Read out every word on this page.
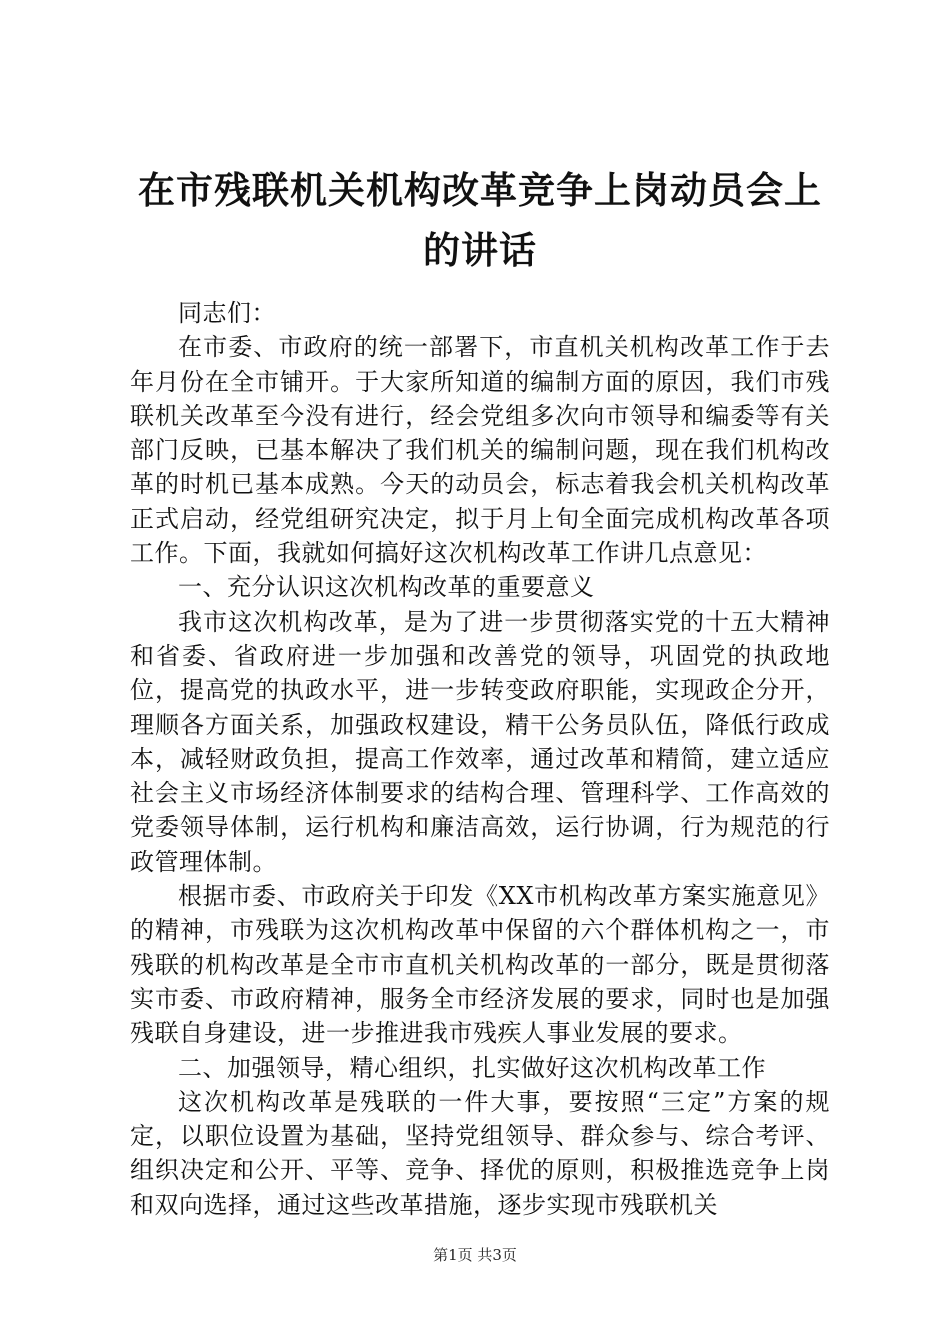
在市残联机关机构改革竞争上岗动员会上的讲话

同志们：

在市委、市政府的统一部署下，市直机关机构改革工作于去年月份在全市铺开。于大家所知道的编制方面的原因，我们市残联机关改革至今没有进行，经会党组多次向市领导和编委等有关部门反映，已基本解决了我们机关的编制问题，现在我们机构改革的时机已基本成熟。今天的动员会，标志着我会机关机构改革正式启动，经党组研究决定，拟于月上旬全面完成机构改革各项工作。下面，我就如何搞好这次机构改革工作讲几点意见：

一、充分认识这次机构改革的重要意义

我市这次机构改革，是为了进一步贯彻落实党的十五大精神和省委、省政府进一步加强和改善党的领导，巩固党的执政地位，提高党的执政水平，进一步转变政府职能，实现政企分开，理顺各方面关系，加强政权建设，精干公务员队伍，降低行政成本，减轻财政负担，提高工作效率，通过改革和精简，建立适应社会主义市场经济体制要求的结构合理、管理科学、工作高效的党委领导体制，运行机构和廉洁高效，运行协调，行为规范的行政管理体制。

根据市委、市政府关于印发《XX市机构改革方案实施意见》的精神，市残联为这次机构改革中保留的六个群体机构之一，市残联的机构改革是全市市直机关机构改革的一部分，既是贯彻落实市委、市政府精神，服务全市经济发展的要求，同时也是加强残联自身建设，进一步推进我市残疾人事业发展的要求。

二、加强领导，精心组织，扎实做好这次机构改革工作

这次机构改革是残联的一件大事，要按照“三定”方案的规定，以职位设置为基础，坚持党组领导、群众参与、综合考评、组织决定和公开、平等、竞争、择优的原则，积极推选竞争上岗和双向选择，通过这些改革措施，逐步实现市残联机关

第1页 共3页
